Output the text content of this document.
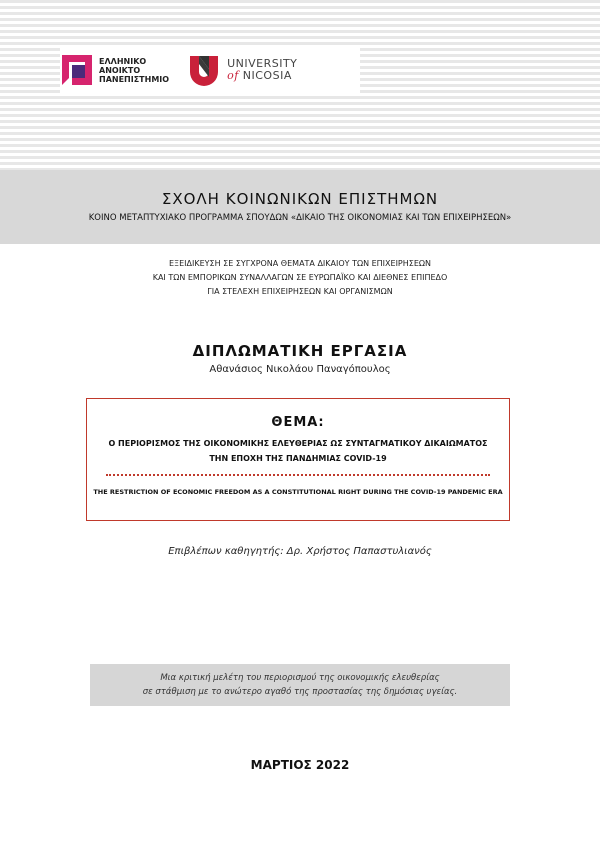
ΕΛΛΗΝΙΚΟ
ΑΝΟΙΚΤΟ
ΠΑΝΕΠΙΣΤΗΜΙΟ
UNIVERSITY
of NICOSIA
ΣΧΟΛΗ ΚΟΙΝΩΝΙΚΩΝ ΕΠΙΣΤΗΜΩΝ
ΚΟΙΝΟ ΜΕΤΑΠΤΥΧΙΑΚΟ ΠΡΟΓΡΑΜΜΑ ΣΠΟΥΔΩΝ «ΔΙΚΑΙΟ ΤΗΣ ΟΙΚΟΝΟΜΙΑΣ ΚΑΙ ΤΩΝ ΕΠΙΧΕΙΡΗΣΕΩΝ»
ΕΞΕΙΔΙΚΕΥΣΗ ΣΕ ΣΥΓΧΡΟΝΑ ΘΕΜΑΤΑ ΔΙΚΑΙΟΥ ΤΩΝ ΕΠΙΧΕΙΡΗΣΕΩΝ
ΚΑΙ ΤΩΝ ΕΜΠΟΡΙΚΩΝ ΣΥΝΑΛΛΑΓΩΝ ΣΕ ΕΥΡΩΠΑΪΚΟ ΚΑΙ ΔΙΕΘΝΕΣ ΕΠΙΠΕΔΟ
ΓΙΑ ΣΤΕΛΕΧΗ ΕΠΙΧΕΙΡΗΣΕΩΝ ΚΑΙ ΟΡΓΑΝΙΣΜΩΝ
ΔΙΠΛΩΜΑΤΙΚΗ ΕΡΓΑΣΙΑ
Αθανάσιος Νικολάου Παναγόπουλος
ΘΕΜΑ:
Ο ΠΕΡΙΟΡΙΣΜΟΣ ΤΗΣ ΟΙΚΟΝΟΜΙΚΗΣ ΕΛΕΥΘΕΡΙΑΣ ΩΣ ΣΥΝΤΑΓΜΑΤΙΚΟΥ ΔΙΚΑΙΩΜΑΤΟΣ
ΤΗΝ ΕΠΟΧΗ ΤΗΣ ΠΑΝΔΗΜΙΑΣ COVID-19
THE RESTRICTION OF ECONOMIC FREEDOM AS A CONSTITUTIONAL RIGHT DURING THE COVID-19 PANDEMIC ERA
Επιβλέπων καθηγητής: Δρ. Χρήστος Παπαστυλιανός
Μια κριτική μελέτη του περιορισμού της οικονομικής ελευθερίας
σε στάθμιση με το ανώτερο αγαθό της προστασίας της δημόσιας υγείας.
ΜΑΡΤΙΟΣ 2022
